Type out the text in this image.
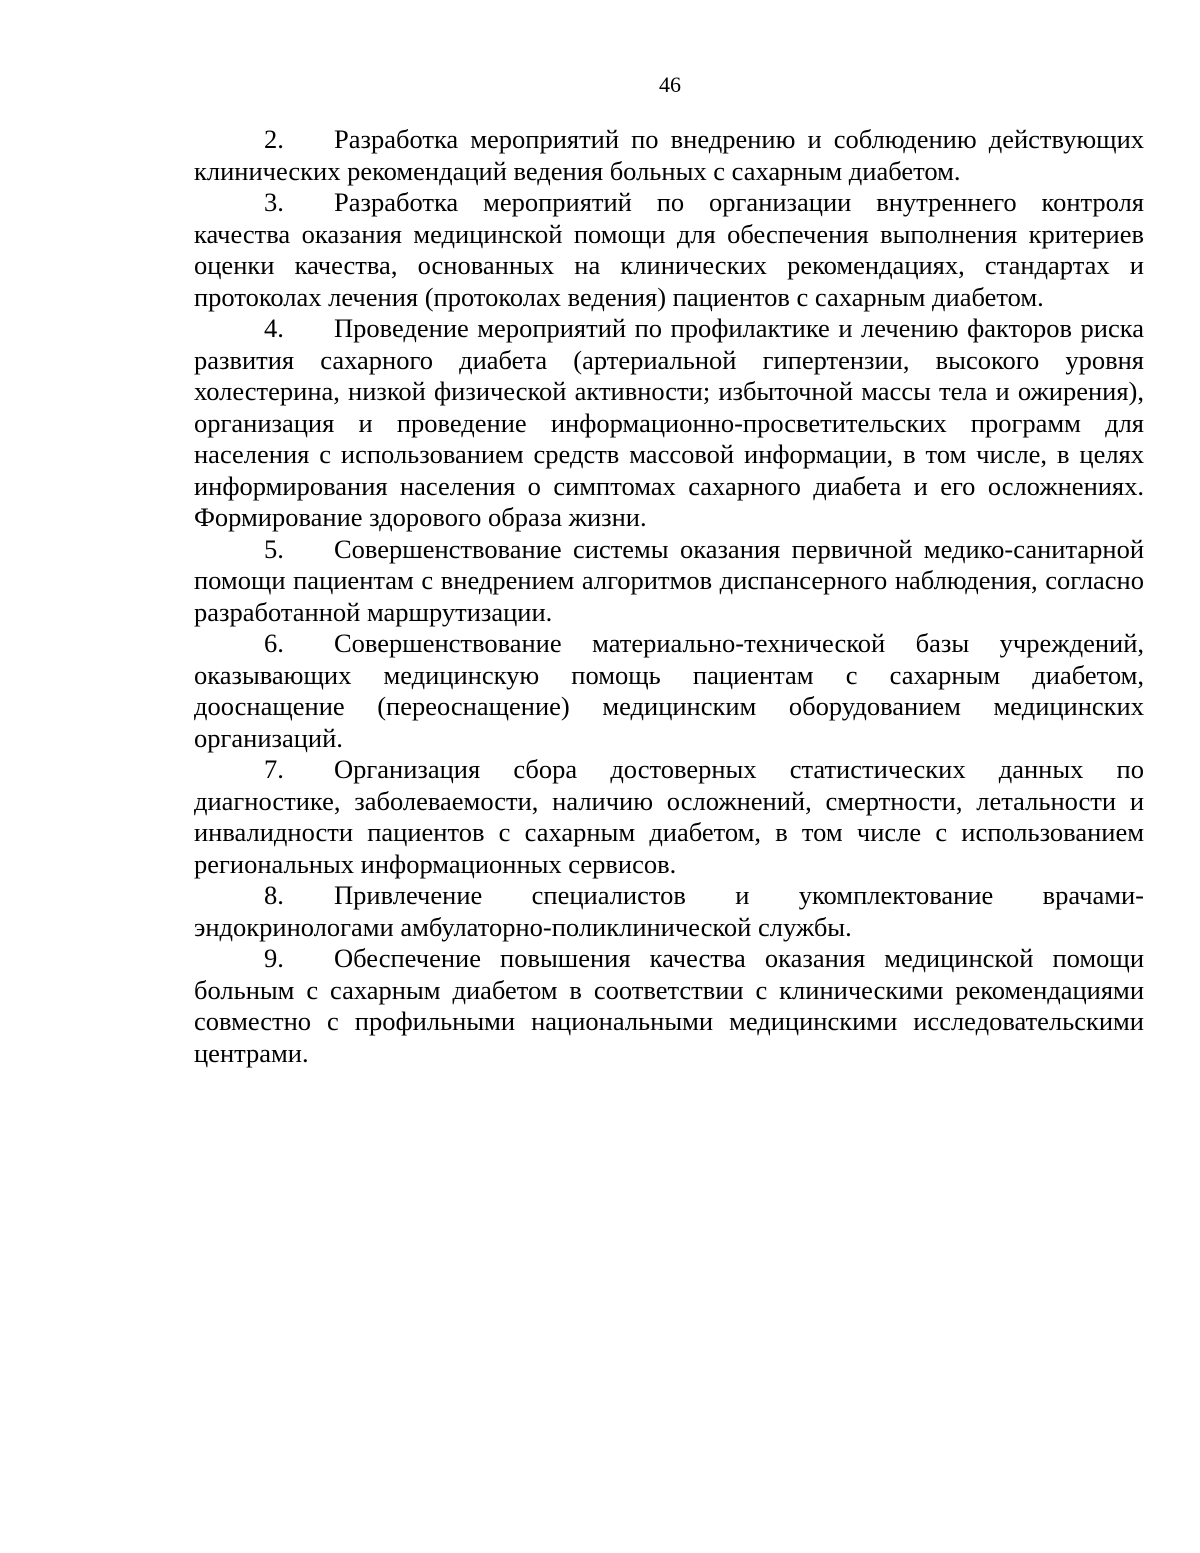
46

2. Разработка мероприятий по внедрению и соблюдению действующих клинических рекомендаций ведения больных с сахарным диабетом.

3. Разработка мероприятий по организации внутреннего контроля качества оказания медицинской помощи для обеспечения выполнения критериев оценки качества, основанных на клинических рекомендациях, стандартах и протоколах лечения (протоколах ведения) пациентов с сахарным диабетом.

4. Проведение мероприятий по профилактике и лечению факторов риска развития сахарного диабета (артериальной гипертензии, высокого уровня холестерина, низкой физической активности; избыточной массы тела и ожирения), организация и проведение информационно-просветительских программ для населения с использованием средств массовой информации, в том числе, в целях информирования населения о симптомах сахарного диабета и его осложнениях. Формирование здорового образа жизни.

5. Совершенствование системы оказания первичной медико-санитарной помощи пациентам с внедрением алгоритмов диспансерного наблюдения, согласно разработанной маршрутизации.

6. Совершенствование материально-технической базы учреждений, оказывающих медицинскую помощь пациентам с сахарным диабетом, дооснащение (переоснащение) медицинским оборудованием медицинских организаций.

7. Организация сбора достоверных статистических данных по диагностике, заболеваемости, наличию осложнений, смертности, летальности и инвалидности пациентов с сахарным диабетом, в том числе с использованием региональных информационных сервисов.

8. Привлечение специалистов и укомплектование врачами-эндокринологами амбулаторно-поликлинической службы.

9. Обеспечение повышения качества оказания медицинской помощи больным с сахарным диабетом в соответствии с клиническими рекомендациями совместно с профильными национальными медицинскими исследовательскими центрами.
